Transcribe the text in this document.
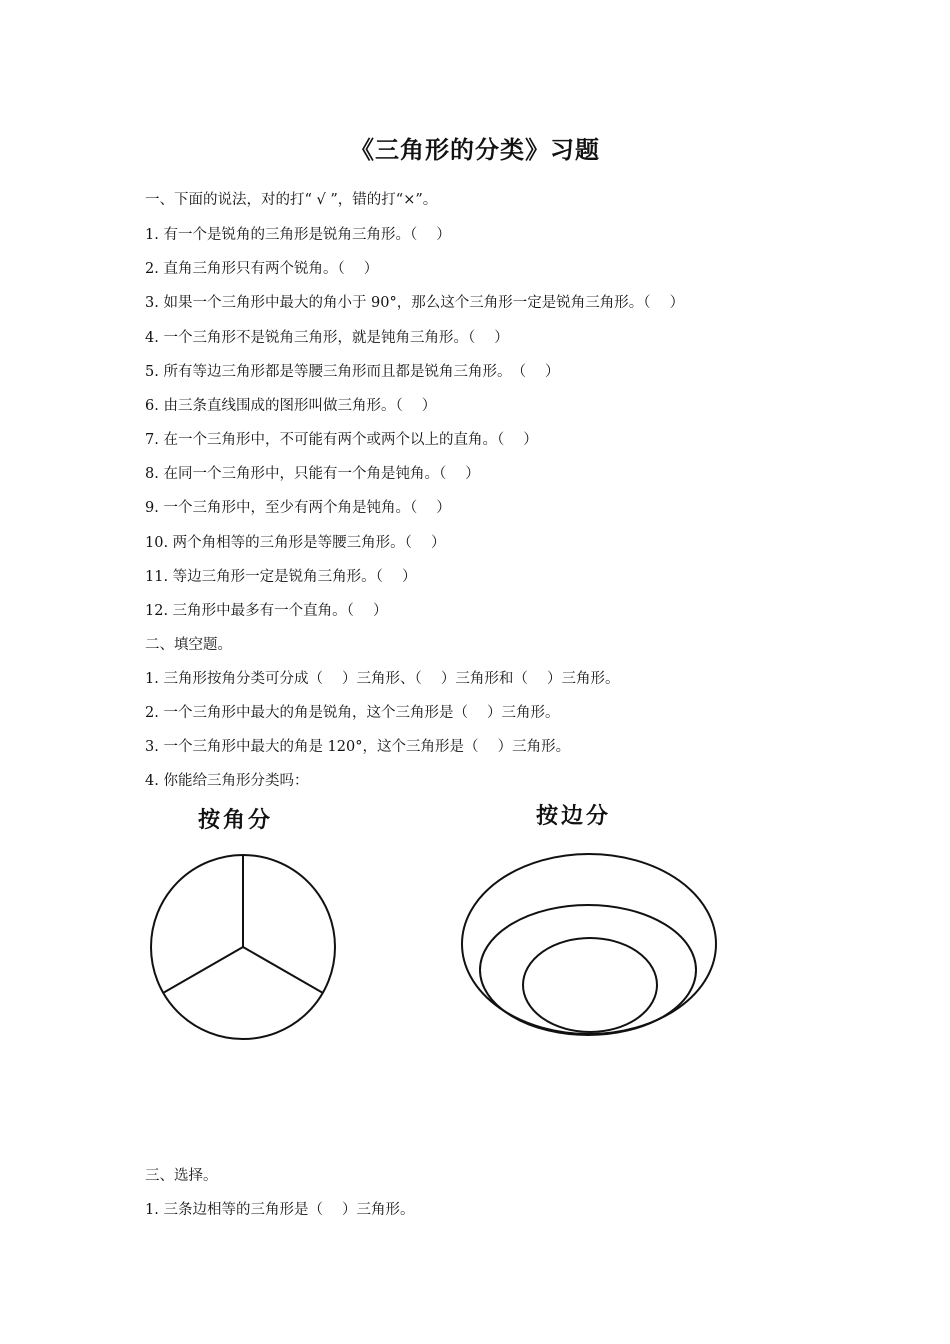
《三角形的分类》习题
一、下面的说法，对的打“ √ ”，错的打“×”。
1. 有一个是锐角的三角形是锐角三角形。（　 ）
2. 直角三角形只有两个锐角。（　 ）
3. 如果一个三角形中最大的角小于 90°，那么这个三角形一定是锐角三角形。（　 ）
4. 一个三角形不是锐角三角形，就是钝角三角形。（　 ）
5. 所有等边三角形都是等腰三角形而且都是锐角三角形。　（　 ）
6. 由三条直线围成的图形叫做三角形。（　 ）
7. 在一个三角形中，不可能有两个或两个以上的直角。（　 ）
8. 在同一个三角形中，只能有一个角是钝角。（　 ）
9. 一个三角形中，至少有两个角是钝角。（　 ）
10. 两个角相等的三角形是等腰三角形。（　 ）
11. 等边三角形一定是锐角三角形。（　 ）
12. 三角形中最多有一个直角。（　 ）
二、填空题。
1. 三角形按角分类可分成（　 ）三角形、（　 ）三角形和（　 ）三角形。
2. 一个三角形中最大的角是锐角，这个三角形是（　 ）三角形。
3. 一个三角形中最大的角是 120°，这个三角形是（　 ）三角形。
4. 你能给三角形分类吗：
按角分	按边分
三、选择。
1. 三条边相等的三角形是（　 ）三角形。
